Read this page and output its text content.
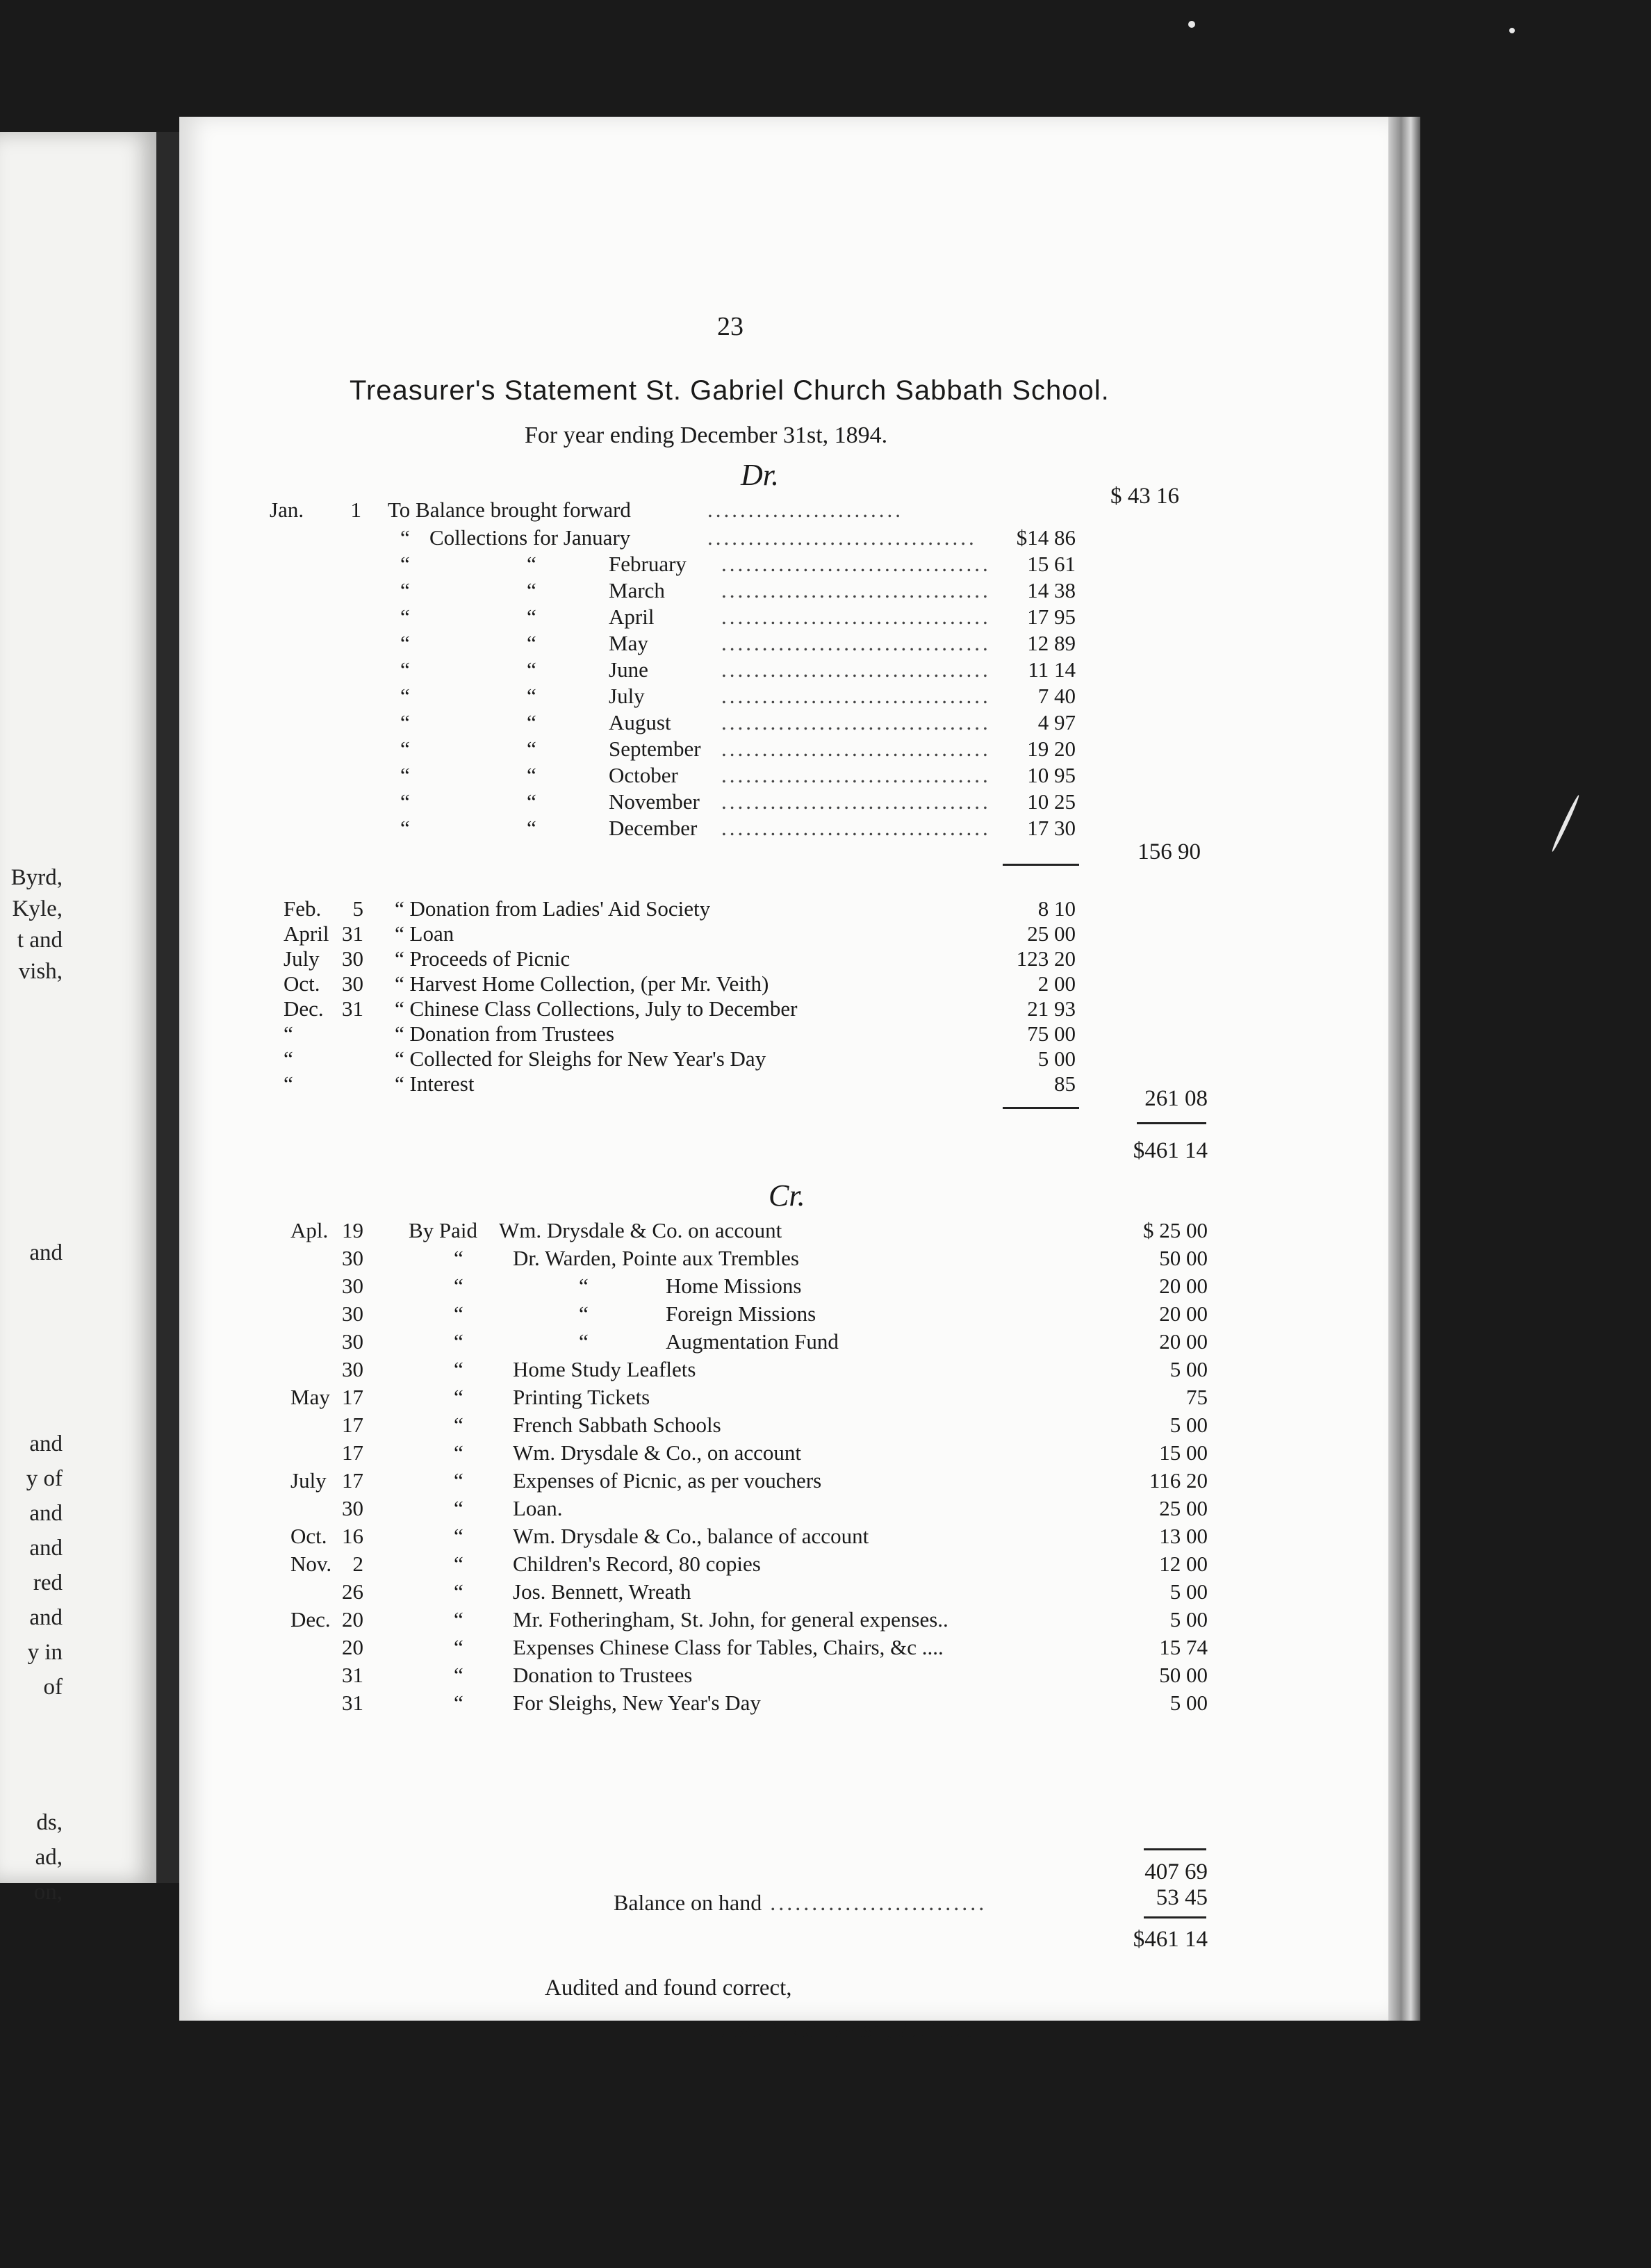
Byrd,
Kyle,
t and
vish,
and
and
y of
and
and
red
and
y in
of
ds,
ad,
on,
23
Treasurer's Statement St. Gabriel Church Sabbath School.
For year ending December 31st, 1894.
Dr.
Jan.	1 To Balance brought forward	........................
$ 43 16
“ Collections for January	.................................	$14 86
“	“	February .................................	15 61
“	“	March	.................................	14 38
“	“	April	.................................	17 95
“	“	May	.................................	12 89
“	“	June	.................................	11 14
“	“	July	.................................	7 40
“	“	August .................................	4 97
“	“	September .................................	19 20
“	“	October .................................	10 95
“	“	November .................................	10 25
“	“	December .................................	17 30
156 90
Feb.	5 “ Donation from Ladies' Aid Society	8 10
April 31 “ Loan	25 00
July 30 “ Proceeds of Picnic	123 20
Oct. 30 “ Harvest Home Collection, (per Mr. Veith)	2 00
Dec. 31 “ Chinese Class Collections, July to December	21 93
“	“ Donation from Trustees	75 00
“	“ Collected for Sleighs for New Year's Day	5 00
“	“ Interest	85
261 08
$461 14
Cr.
Apl. 19 By Paid Wm. Drysdale & Co. on account	$ 25 00
30	“ Dr. Warden, Pointe aux Trembles	50 00
30	“	“	Home Missions	20 00
30	“	“	Foreign Missions	20 00
30	“	“	Augmentation Fund	20 00
30	“ Home Study Leaflets	5 00
May 17	“ Printing Tickets	75
17	“ French Sabbath Schools	5 00
17	“ Wm. Drysdale & Co., on account	15 00
July 17	“ Expenses of Picnic, as per vouchers	116 20
30	“ Loan.	25 00
Oct. 16	“ Wm. Drysdale & Co., balance of account	13 00
Nov. 2	“ Children's Record, 80 copies	12 00
26	“ Jos. Bennett, Wreath	5 00
Dec. 20	“ Mr. Fotheringham, St. John, for general expenses..	5 00
20	“ Expenses Chinese Class for Tables, Chairs, &c ....	15 74
31	“ Donation to Trustees	50 00
31	“ For Sleighs, New Year's Day	5 00
407 69
Balance on hand ..........................	53 45
$461 14
Audited and found correct,
P. M. MacTavish, Auditor.
